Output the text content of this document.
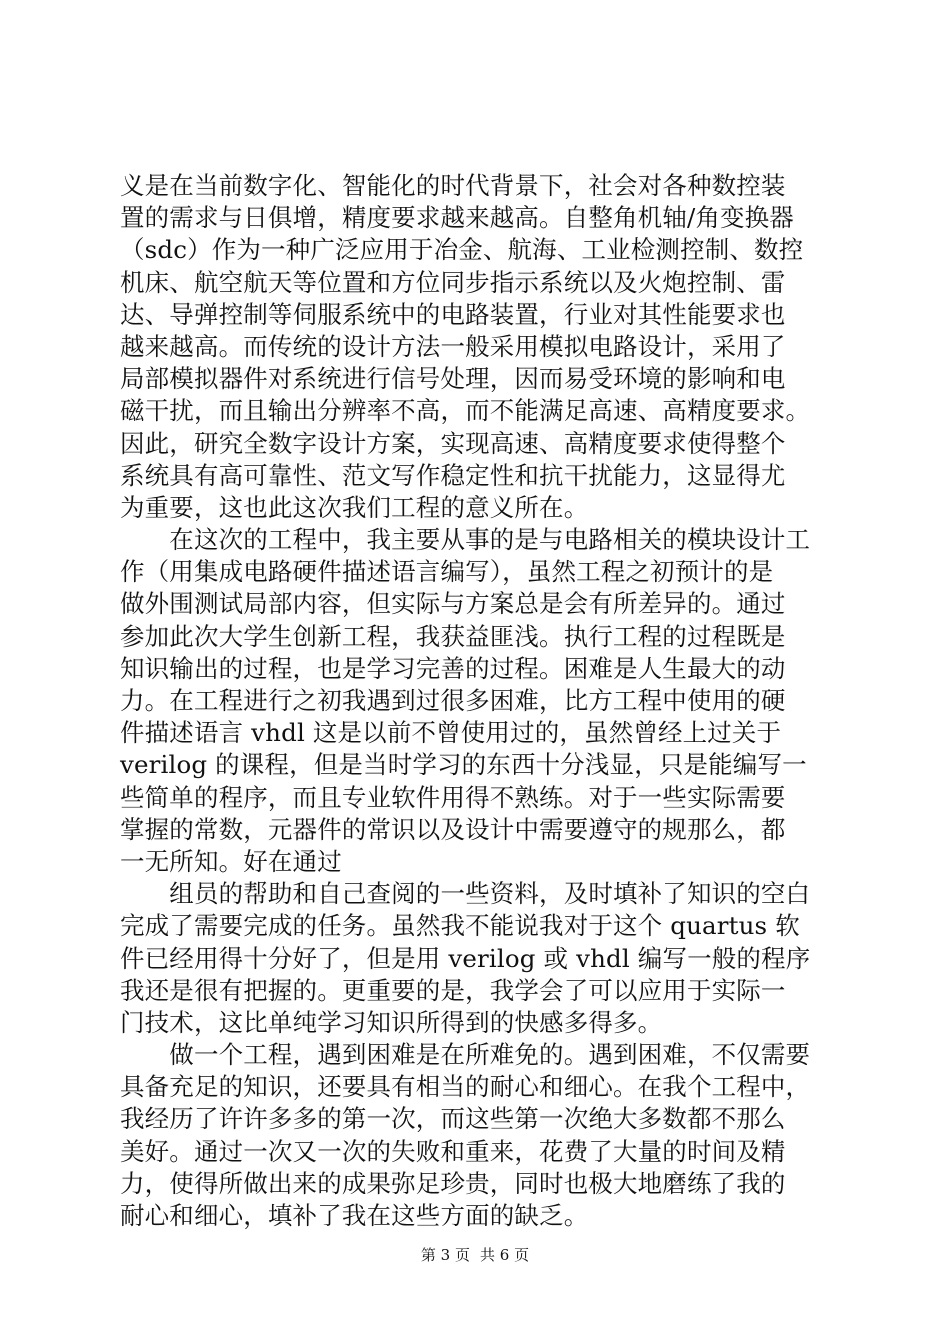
义是在当前数字化、智能化的时代背景下，社会对各种数控装
置的需求与日俱增，精度要求越来越高。自整角机轴/角变换器
（sdc）作为一种广泛应用于冶金、航海、工业检测控制、数控
机床、航空航天等位置和方位同步指示系统以及火炮控制、雷
达、导弹控制等伺服系统中的电路装置，行业对其性能要求也
越来越高。而传统的设计方法一般采用模拟电路设计，采用了
局部模拟器件对系统进行信号处理，因而易受环境的影响和电
磁干扰，而且输出分辨率不高，而不能满足高速、高精度要求。
因此，研究全数字设计方案，实现高速、高精度要求使得整个
系统具有高可靠性、范文写作稳定性和抗干扰能力，这显得尤
为重要，这也此这次我们工程的意义所在。
　　在这次的工程中，我主要从事的是与电路相关的模块设计工
作（用集成电路硬件描述语言编写），虽然工程之初预计的是
做外围测试局部内容，但实际与方案总是会有所差异的。通过
参加此次大学生创新工程，我获益匪浅。执行工程的过程既是
知识输出的过程，也是学习完善的过程。困难是人生最大的动
力。在工程进行之初我遇到过很多困难，比方工程中使用的硬
件描述语言 vhdl 这是以前不曾使用过的，虽然曾经上过关于
verilog 的课程，但是当时学习的东西十分浅显，只是能编写一
些简单的程序，而且专业软件用得不熟练。对于一些实际需要
掌握的常数，元器件的常识以及设计中需要遵守的规那么，都
一无所知。好在通过
　　组员的帮助和自己查阅的一些资料，及时填补了知识的空白
完成了需要完成的任务。虽然我不能说我对于这个 quartus 软
件已经用得十分好了，但是用 verilog 或 vhdl 编写一般的程序
我还是很有把握的。更重要的是，我学会了可以应用于实际一
门技术，这比单纯学习知识所得到的快感多得多。
　　做一个工程，遇到困难是在所难免的。遇到困难，不仅需要
具备充足的知识，还要具有相当的耐心和细心。在我个工程中，
我经历了许许多多的第一次，而这些第一次绝大多数都不那么
美好。通过一次又一次的失败和重来，花费了大量的时间及精
力，使得所做出来的成果弥足珍贵，同时也极大地磨练了我的
耐心和细心，填补了我在这些方面的缺乏。
第 3 页 共 6 页
